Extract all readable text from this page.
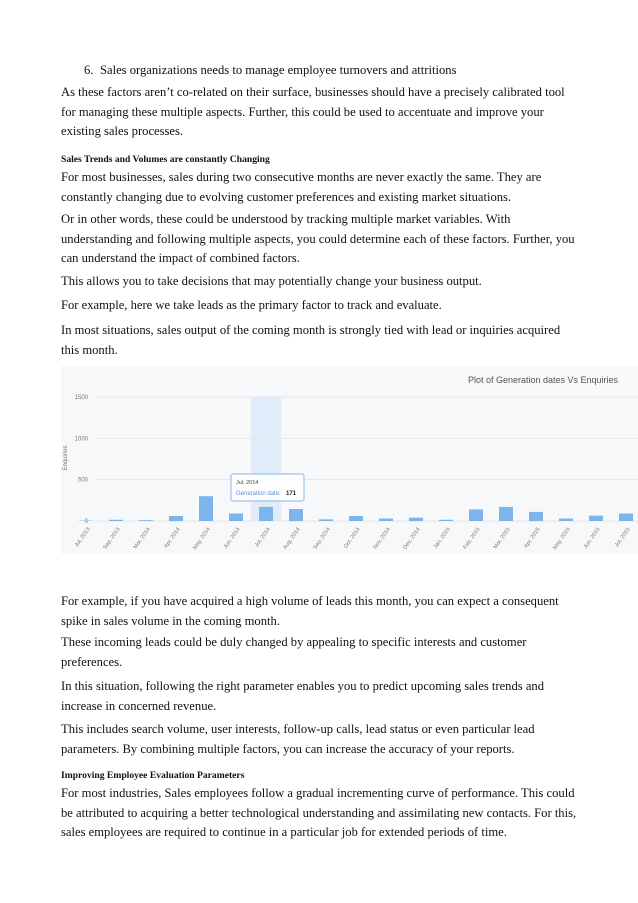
6. Sales organizations needs to manage employee turnovers and attritions

As these factors aren’t co-related on their surface, businesses should have a precisely calibrated tool for managing these multiple aspects. Further, this could be used to accentuate and improve your existing sales processes.

Sales Trends and Volumes are constantly Changing

For most businesses, sales during two consecutive months are never exactly the same. They are constantly changing due to evolving customer preferences and existing market situations.

Or in other words, these could be understood by tracking multiple market variables. With understanding and following multiple aspects, you could determine each of these factors. Further, you can understand the impact of combined factors.

This allows you to take decisions that may potentially change your business output.

For example, here we take leads as the primary factor to track and evaluate.

In most situations, sales output of the coming month is strongly tied with lead or inquiries acquired this month.

Plot of Generation dates Vs Enquiries
Enquiries
0
500
1000
1500
Jul, 2013 Sep, 2013 Mar, 2014 Apr, 2014 May, 2014 Jun, 2014 Jul, 2014 Aug, 2014 Sep, 2014 Oct, 2014 Nov, 2014 Dec, 2014 Jan, 2015 Feb, 2015 Mar, 2015 Apr, 2015 May, 2015 Jun, 2015 Jul, 2015
Jul, 2014
Generation date: 171

For example, if you have acquired a high volume of leads this month, you can expect a consequent spike in sales volume in the coming month.

These incoming leads could be duly changed by appealing to specific interests and customer preferences.

In this situation, following the right parameter enables you to predict upcoming sales trends and increase in concerned revenue.

This includes search volume, user interests, follow-up calls, lead status or even particular lead parameters. By combining multiple factors, you can increase the accuracy of your reports.

Improving Employee Evaluation Parameters

For most industries, Sales employees follow a gradual incrementing curve of performance. This could be attributed to acquiring a better technological understanding and assimilating new contacts. For this, sales employees are required to continue in a particular job for extended periods of time.
